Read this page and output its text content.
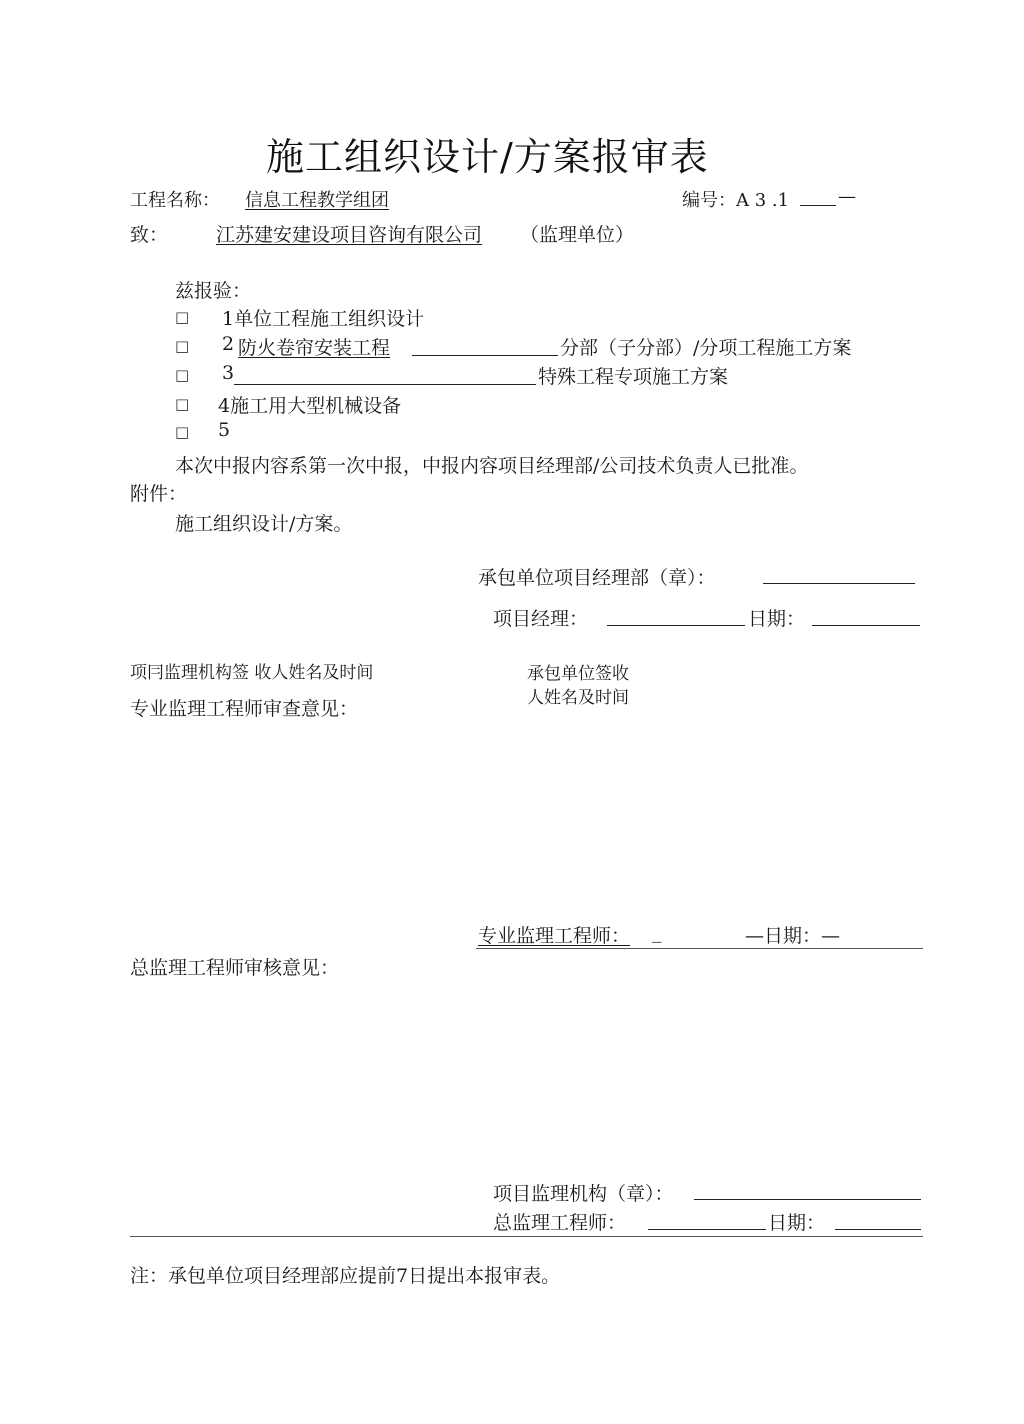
施工组织设计/方案报审表
工程名称： 信息工程教学组团	编号：A 3 .1	—
致：	江苏建安建设项目咨询有限公司 （监理单位）
兹报验：
□ 1单位工程施工组织设计
□ 2 防火卷帘安装工程	分部（子分部）/分项工程施工方案
□ 3	特殊工程专项施工方案
□ 4施工用大型机械设备
□ 5
本次中报内容系第一次中报，中报内容项目经理部/公司技术负责人已批准。
附件：
施工组织设计/方案。
承包单位项目经理部（章）：
项目经理：	日期：
项冃监理机构签 收人姓名及时间	承包单位签收
人姓名及时间
专业监理工程师审查意见：
专业监理工程师： _	—日期：—
总监理工程师审核意见：
项目监理机构（章）：
总监理工程师：	日期：
注：承包单位项目经理部应提前7日提出本报审表。
